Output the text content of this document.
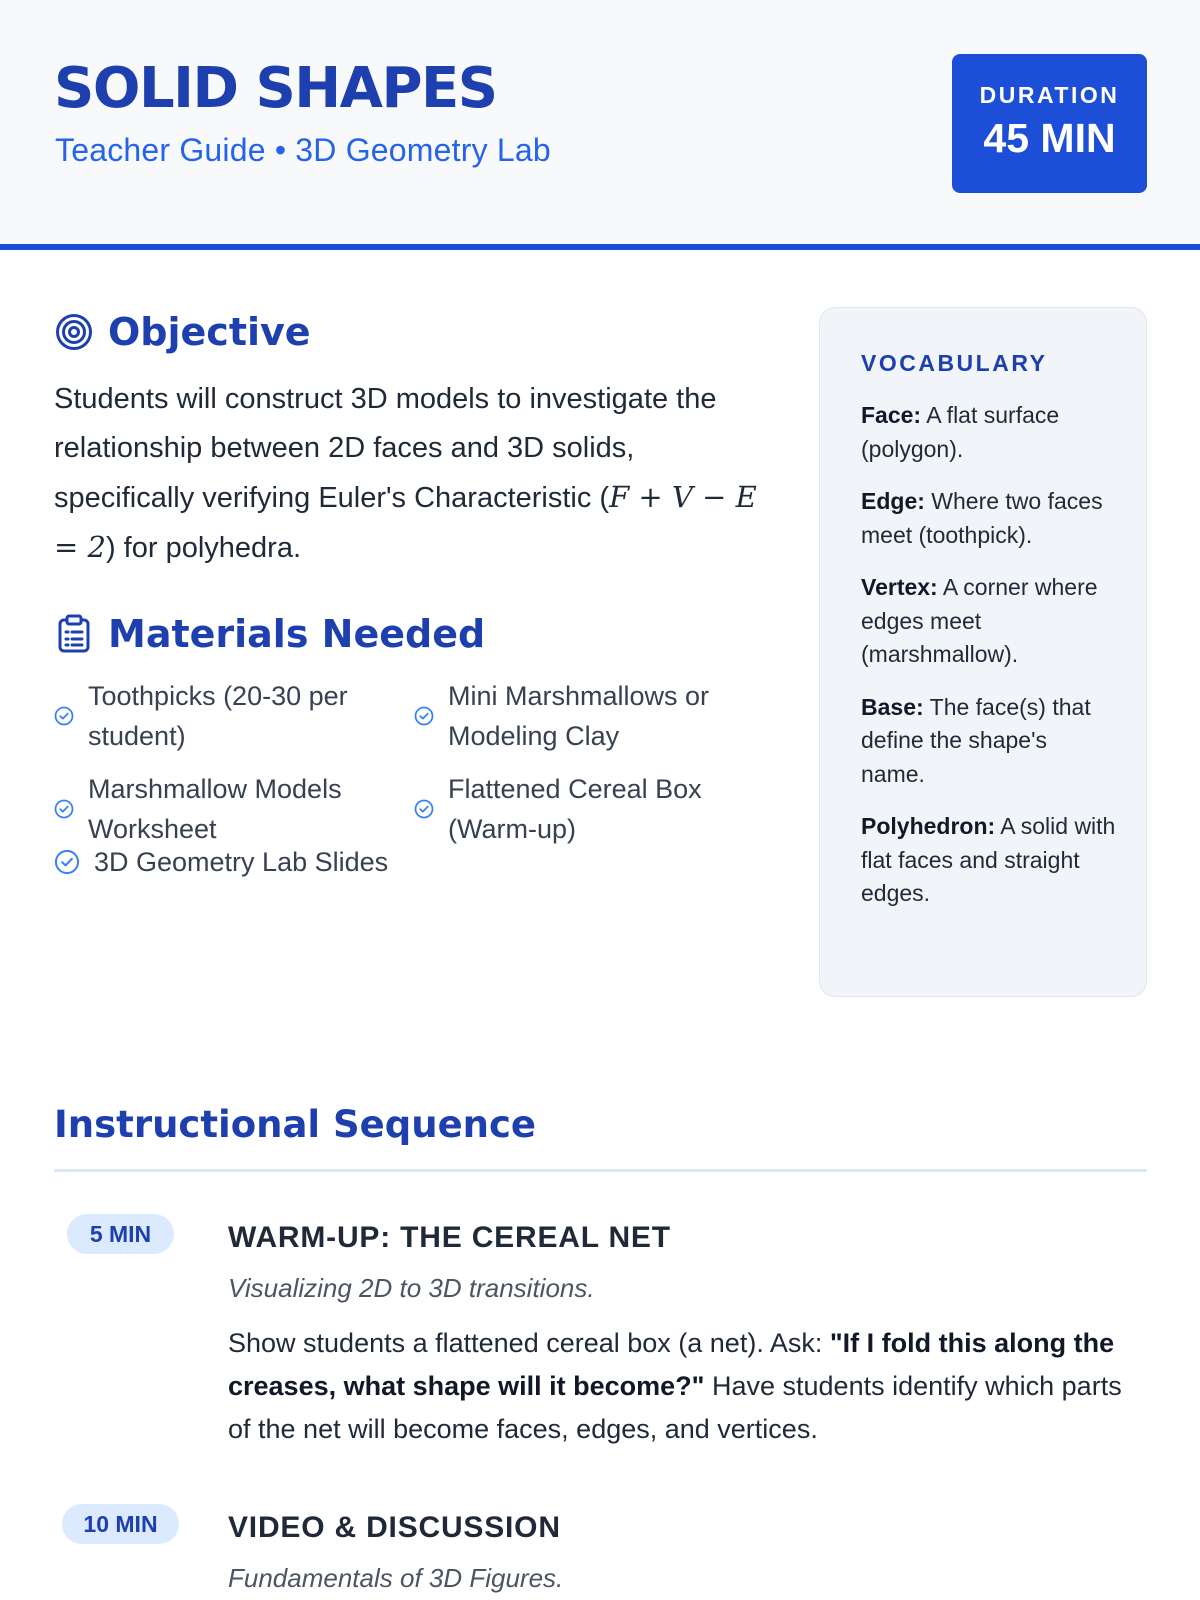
SOLID SHAPES
Teacher Guide • 3D Geometry Lab
DURATION
45 MIN
Objective
Students will construct 3D models to investigate the relationship between 2D faces and 3D solids, specifically verifying Euler's Characteristic (F + V − E = 2) for polyhedra.
Materials Needed
Toothpicks (20-30 per student)
Mini Marshmallows or Modeling Clay
Marshmallow Models Worksheet
Flattened Cereal Box (Warm-up)
3D Geometry Lab Slides
VOCABULARY
Face: A flat surface (polygon).
Edge: Where two faces meet (toothpick).
Vertex: A corner where edges meet (marshmallow).
Base: The face(s) that define the shape's name.
Polyhedron: A solid with flat faces and straight edges.
Instructional Sequence
5 MIN	WARM-UP: THE CEREAL NET
Visualizing 2D to 3D transitions.
Show students a flattened cereal box (a net). Ask: "If I fold this along the creases, what shape will it become?" Have students identify which parts of the net will become faces, edges, and vertices.
10 MIN	VIDEO & DISCUSSION
Fundamentals of 3D Figures.
